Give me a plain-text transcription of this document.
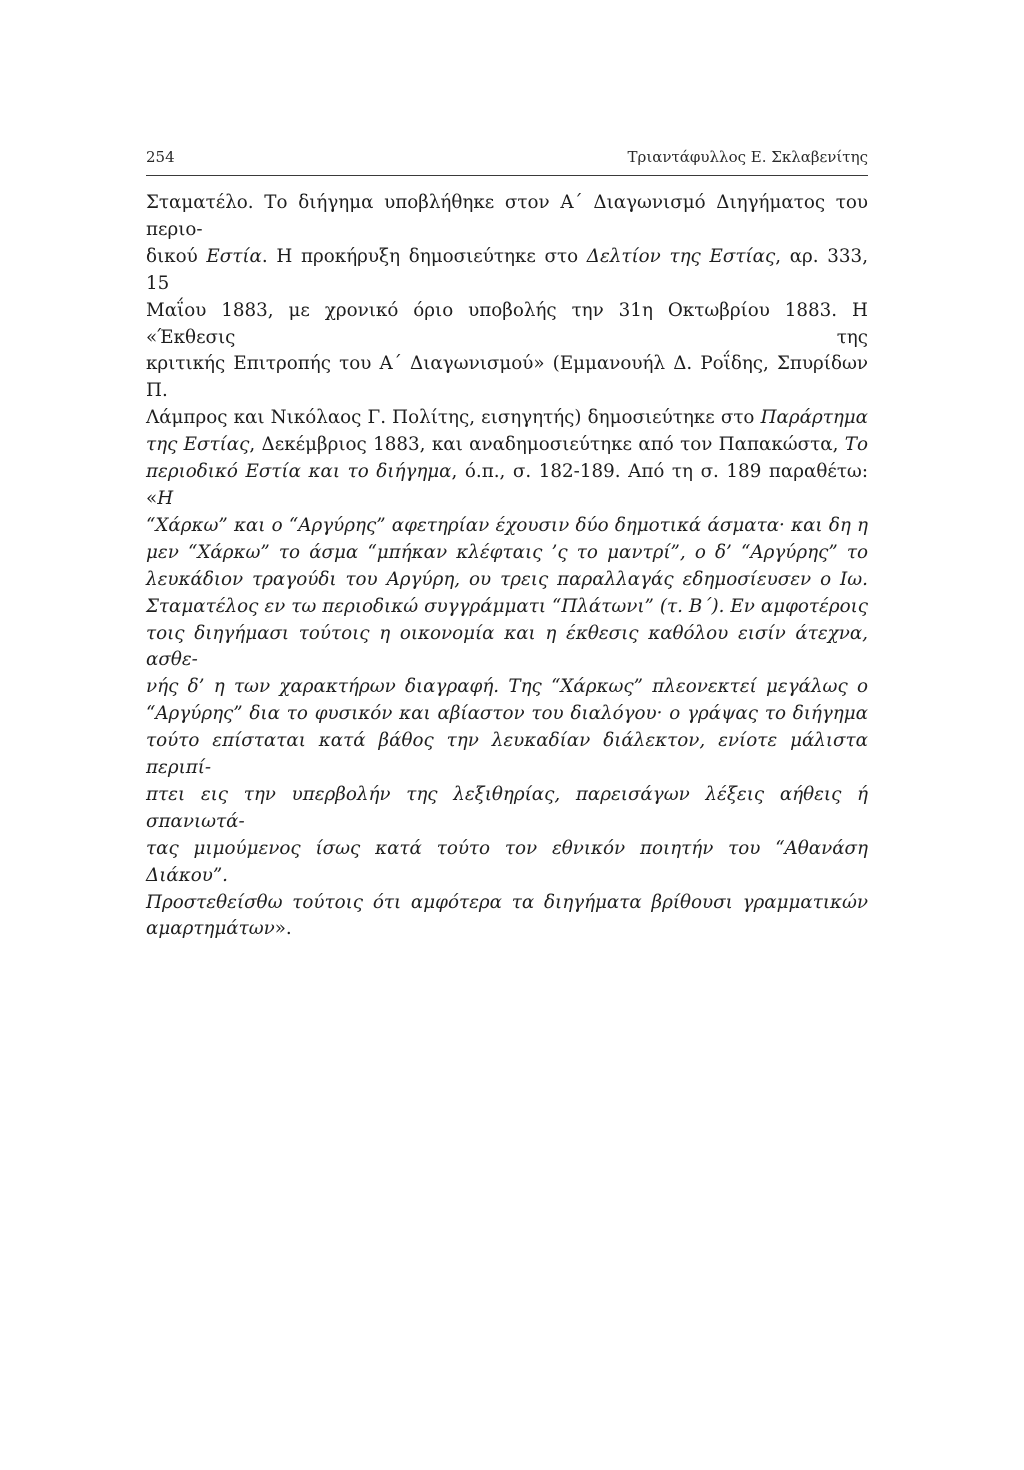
254	Τριαντάφυλλος Ε. Σκλαβενίτης
Σταματέλο. Το διήγημα υποβλήθηκε στον Α΄ Διαγωνισμό Διηγήματος του περιο-
δικού Εστία. Η προκήρυξη δημοσιεύτηκε στο Δελτίον της Εστίας, αρ. 333, 15
Μαΐου 1883, με χρονικό όριο υποβολής την 31η Οκτωβρίου 1883. Η «Έκθεσις της
κριτικής Επιτροπής του Α΄ Διαγωνισμού» (Εμμανουήλ Δ. Ροΐδης, Σπυρίδων Π.
Λάμπρος και Νικόλαος Γ. Πολίτης, εισηγητής) δημοσιεύτηκε στο Παράρτημα
της Εστίας, Δεκέμβριος 1883, και αναδημοσιεύτηκε από τον Παπακώστα, Το
περιοδικό Εστία και το διήγημα, ό.π., σ. 182-189. Από τη σ. 189 παραθέτω: «Η
“Χάρκω” και ο “Αργύρης” αφετηρίαν έχουσιν δύο δημοτικά άσματα· και δη η
μεν “Χάρκω” το άσμα “μπήκαν κλέφταις ’ς το μαντρί”, ο δ’ “Αργύρης” το
λευκάδιον τραγούδι του Αργύρη, ου τρεις παραλλαγάς εδημοσίευσεν ο Ιω.
Σταματέλος εν τω περιοδικώ συγγράμματι “Πλάτωνι” (τ. Β΄). Εν αμφοτέροις
τοις διηγήμασι τούτοις η οικονομία και η έκθεσις καθόλου εισίν άτεχνα, ασθε-
νής δ’ η των χαρακτήρων διαγραφή. Της “Χάρκως” πλεονεκτεί μεγάλως ο
“Αργύρης” δια το φυσικόν και αβίαστον του διαλόγου· ο γράψας το διήγημα
τούτο επίσταται κατά βάθος την λευκαδίαν διάλεκτον, ενίοτε μάλιστα περιπί-
πτει εις την υπερβολήν της λεξιθηρίας, παρεισάγων λέξεις αήθεις ή σπανιωτά-
τας μιμούμενος ίσως κατά τούτο τον εθνικόν ποιητήν του “Αθανάση Διάκου”.
Προστεθείσθω τούτοις ότι αμφότερα τα διηγήματα βρίθουσι γραμματικών
αμαρτημάτων».
